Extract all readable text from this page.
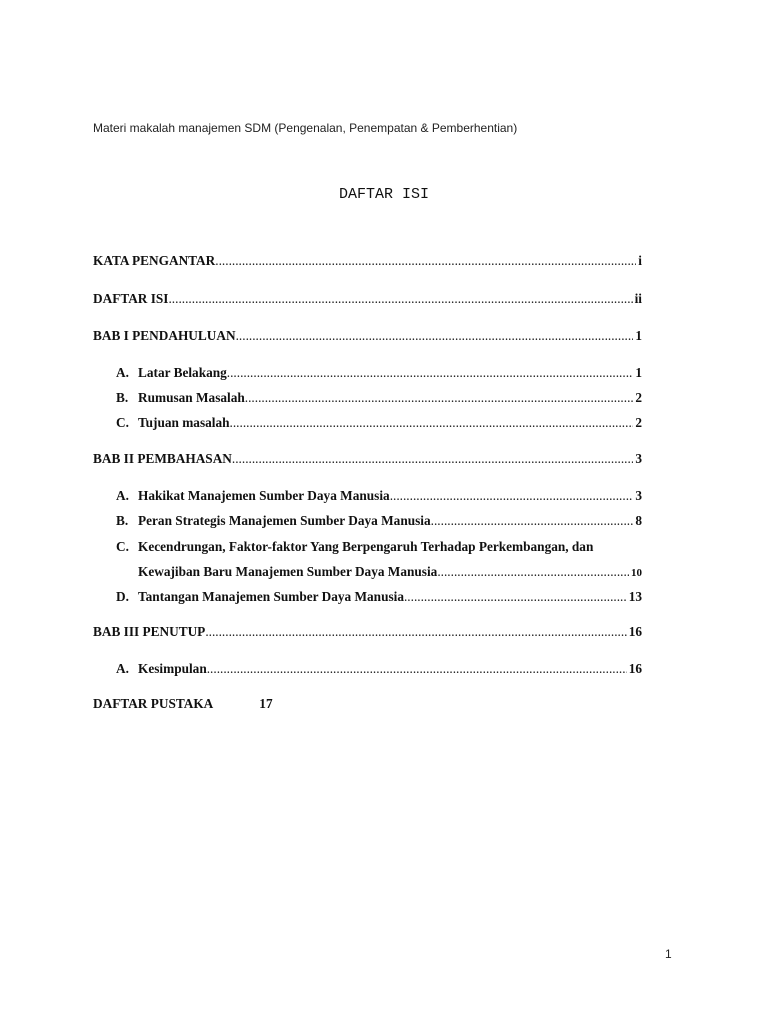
Materi makalah manajemen SDM (Pengenalan, Penempatan & Pemberhentian)
DAFTAR ISI
KATA PENGANTAR .....	i
DAFTAR ISI .....	ii
BAB I PENDAHULUAN .....	1
A. Latar Belakang .....	1
B. Rumusan Masalah .....	2
C. Tujuan masalah .....	2
BAB II PEMBAHASAN .....	3
A. Hakikat Manajemen Sumber Daya Manusia .....	3
B. Peran Strategis Manajemen Sumber Daya Manusia .....	8
C. Kecendrungan, Faktor-faktor Yang Berpengaruh Terhadap Perkembangan, dan
Kewajiban Baru Manajemen Sumber Daya Manusia .....	10
D. Tantangan Manajemen Sumber Daya Manusia .....	13
BAB III PENUTUP .....	16
A. Kesimpulan .....	16
DAFTAR PUSTAKA	17
1
